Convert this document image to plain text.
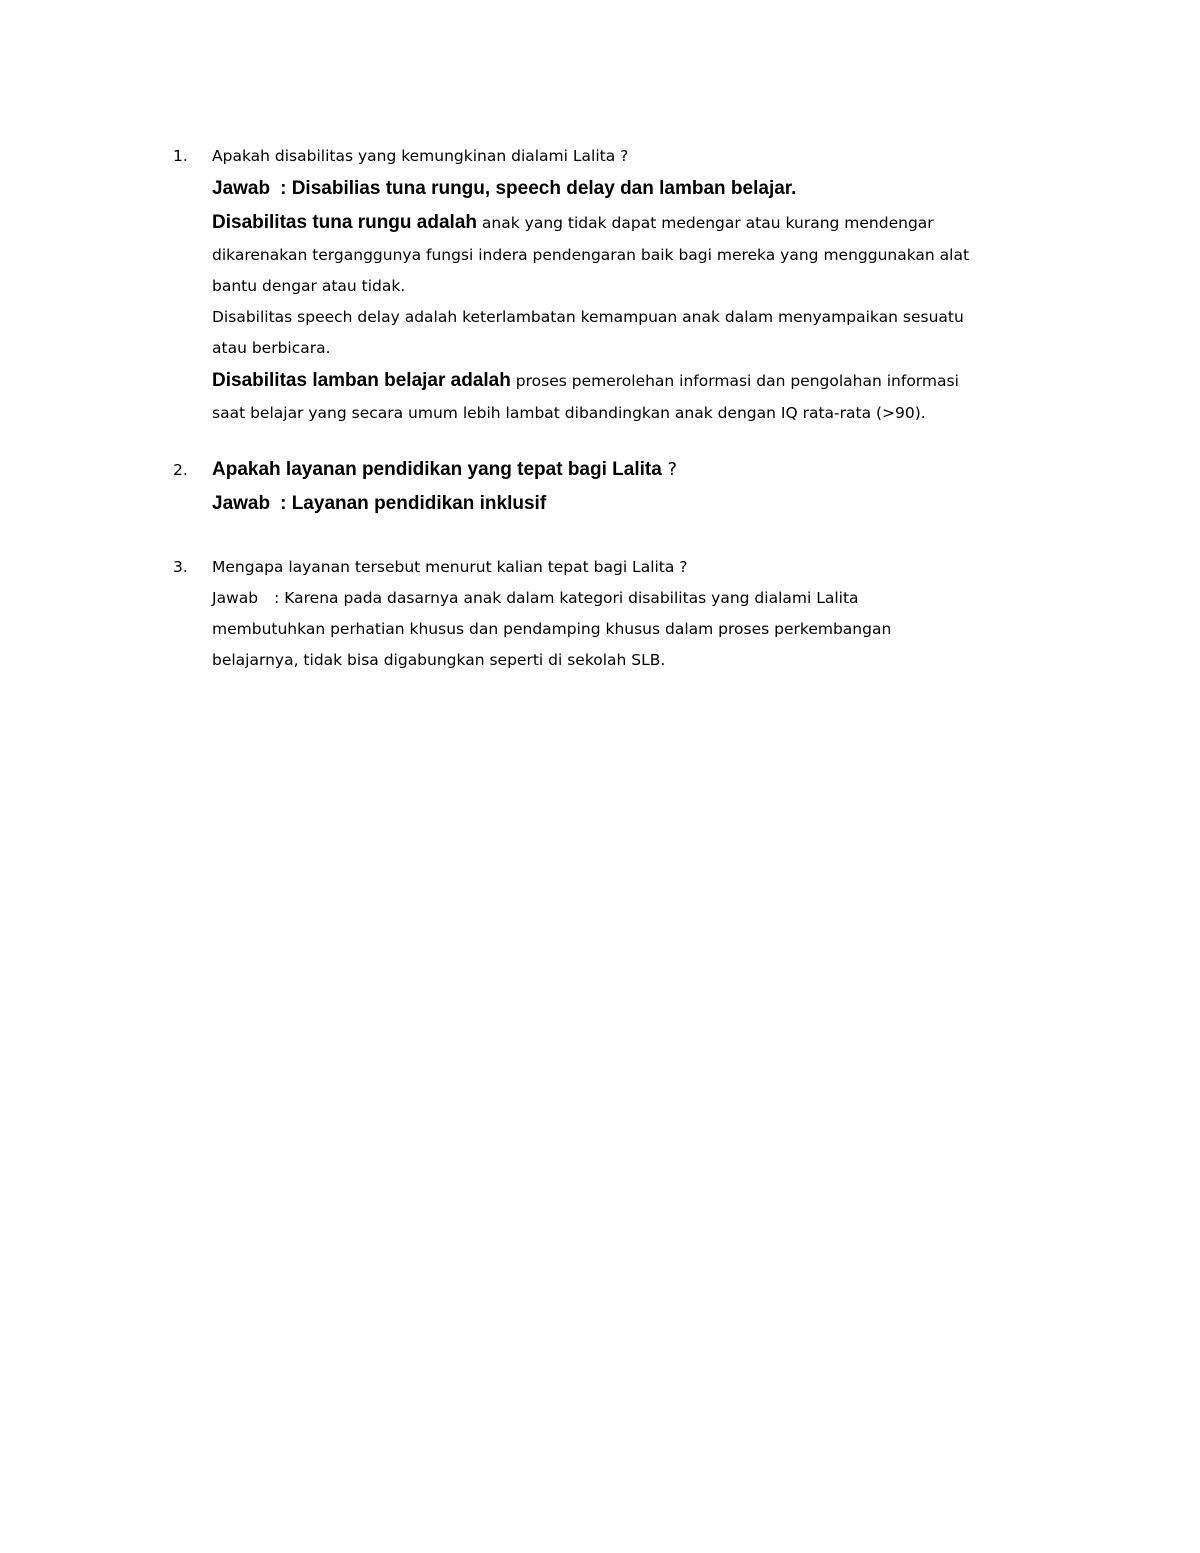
1.	Apakah disabilitas yang kemungkinan dialami Lalita ?
Jawab : Disabilias tuna rungu, speech delay dan lamban belajar.
Disabilitas tuna rungu adalah anak yang tidak dapat medengar atau kurang mendengar
dikarenakan terganggunya fungsi indera pendengaran baik bagi mereka yang menggunakan alat
bantu dengar atau tidak.
Disabilitas speech delay adalah keterlambatan kemampuan anak dalam menyampaikan sesuatu
atau berbicara.
Disabilitas lamban belajar adalah proses pemerolehan informasi dan pengolahan informasi
saat belajar yang secara umum lebih lambat dibandingkan anak dengan IQ rata-rata (>90).
2.	Apakah layanan pendidikan yang tepat bagi Lalita ?
Jawab : Layanan pendidikan inklusif
3.	Mengapa layanan tersebut menurut kalian tepat bagi Lalita ?
Jawab : Karena pada dasarnya anak dalam kategori disabilitas yang dialami Lalita
membutuhkan perhatian khusus dan pendamping khusus dalam proses perkembangan
belajarnya, tidak bisa digabungkan seperti di sekolah SLB.
